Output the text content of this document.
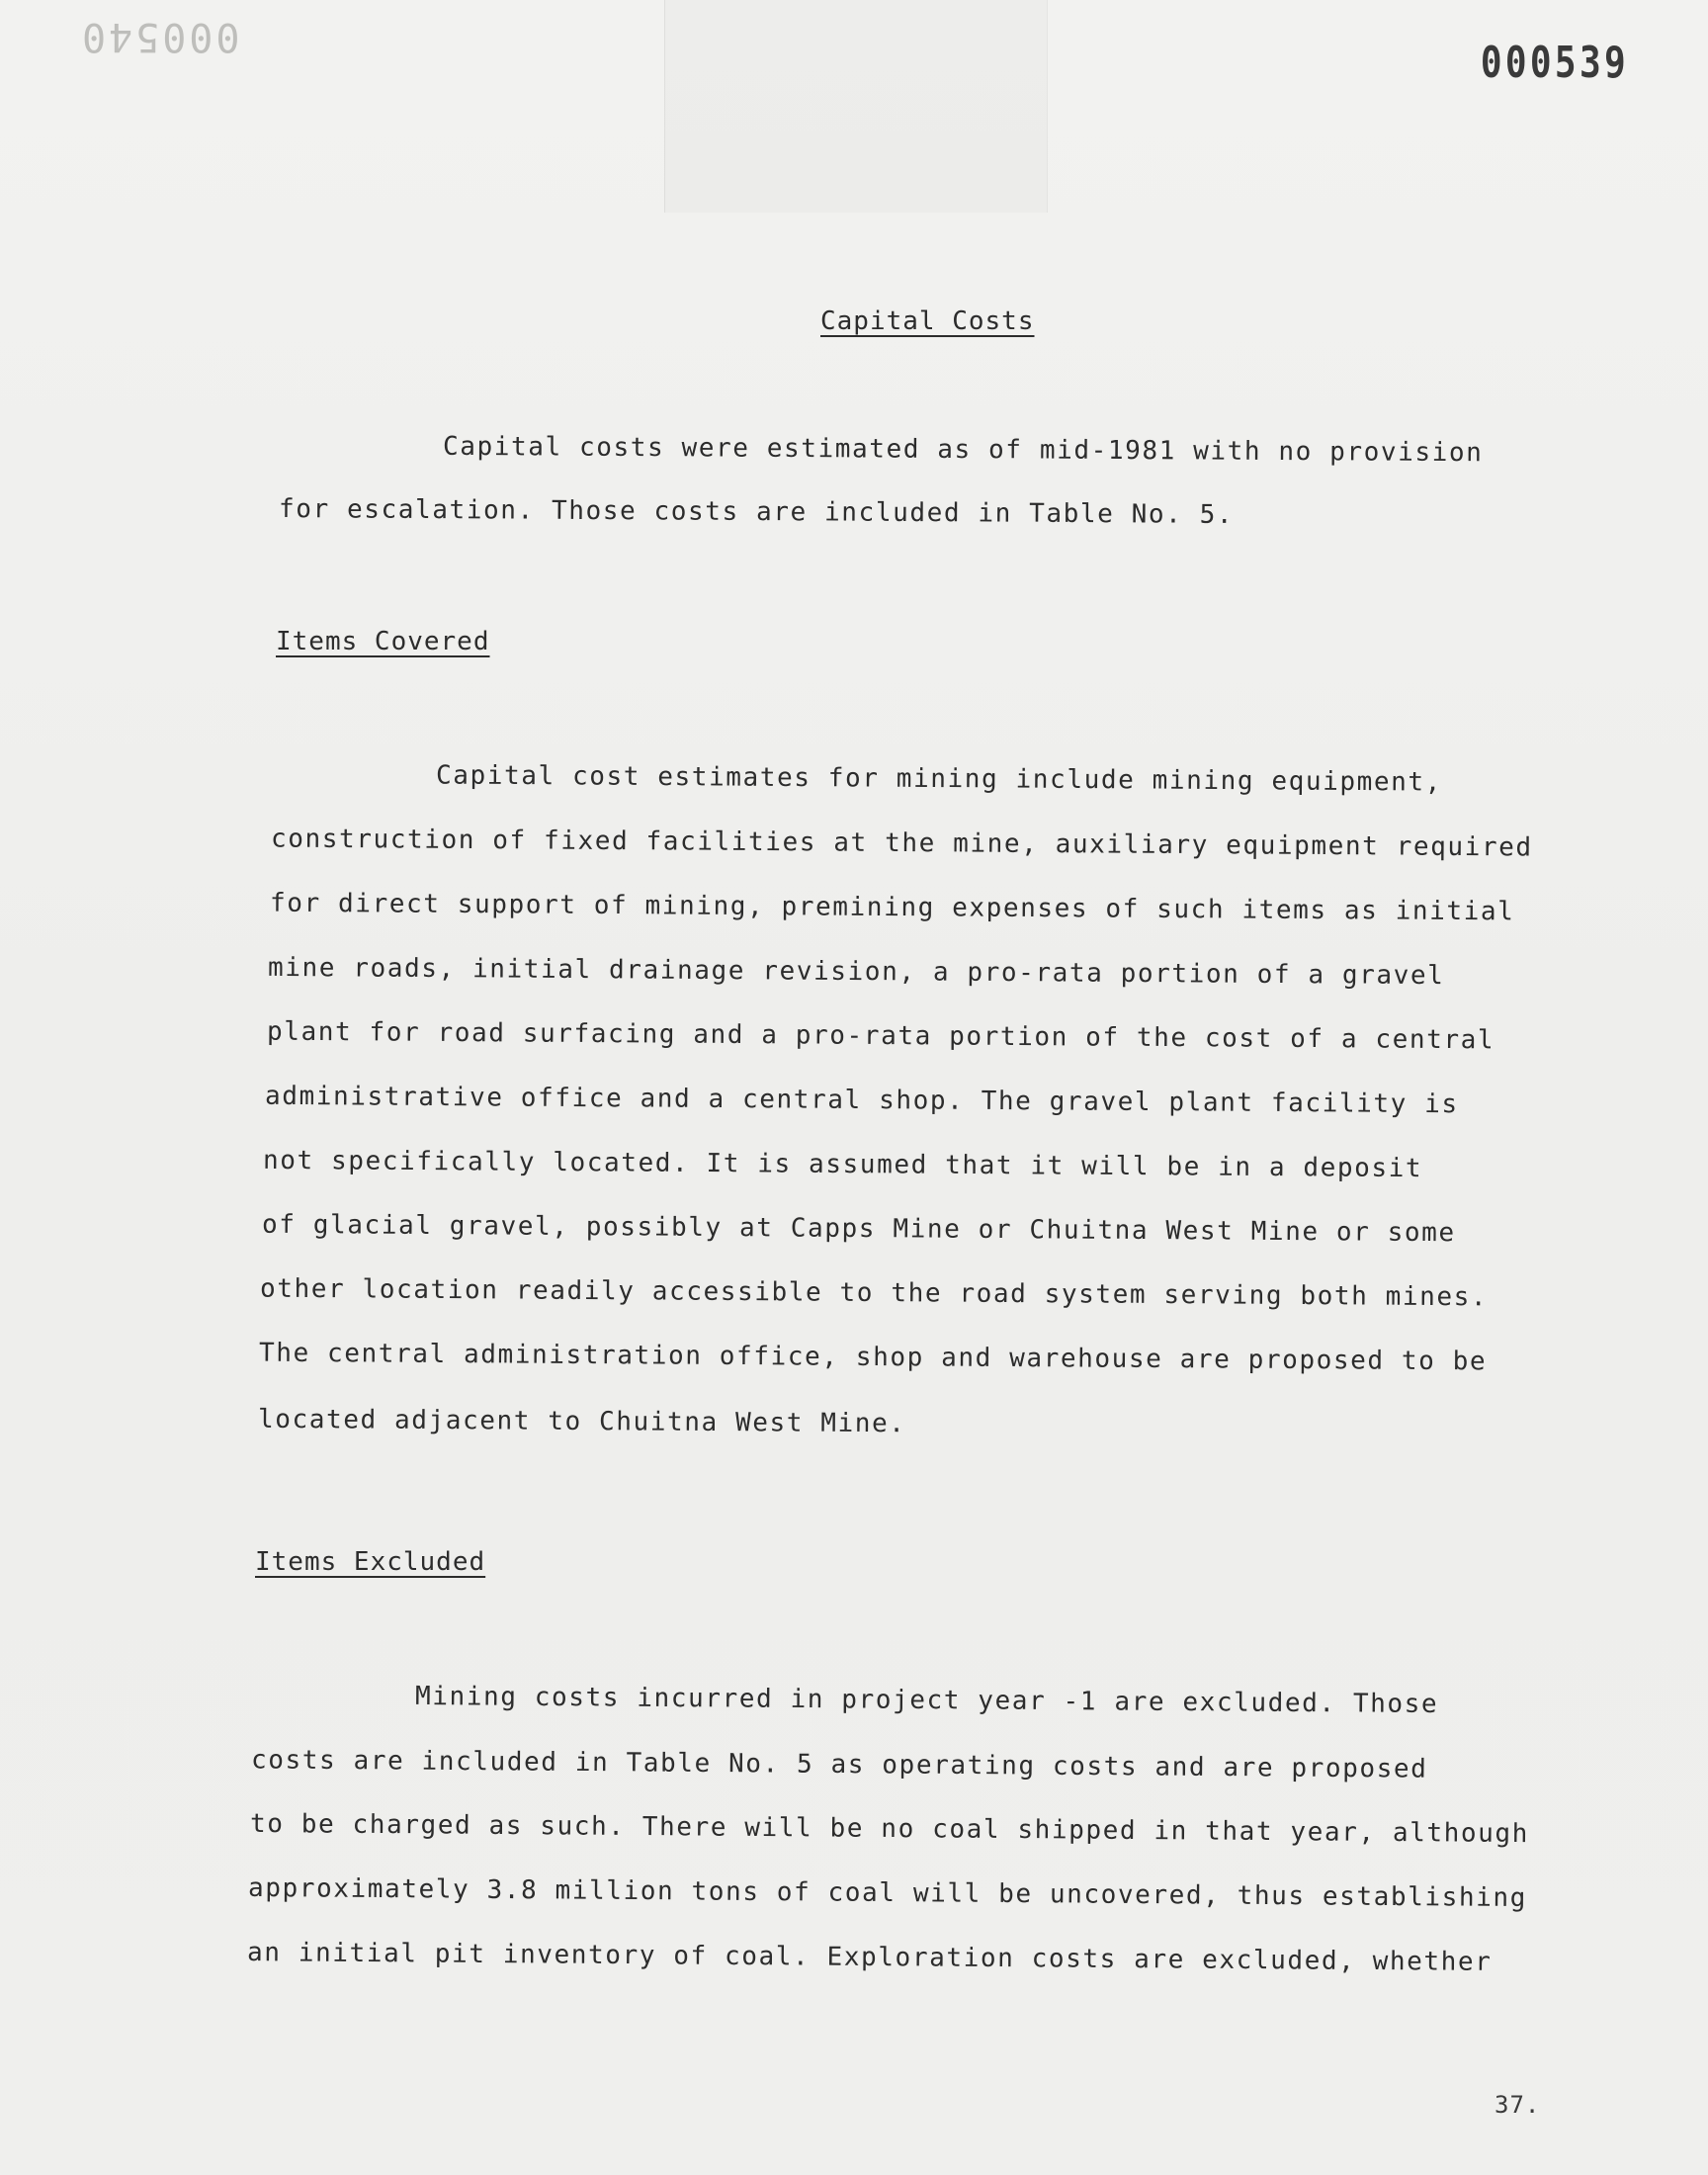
000540
000539
Capital Costs
Capital costs were estimated as of mid-1981 with no provision
for escalation. Those costs are included in Table No. 5.
Items Covered
Capital cost estimates for mining include mining equipment,
construction of fixed facilities at the mine, auxiliary equipment required
for direct support of mining, premining expenses of such items as initial
mine roads, initial drainage revision, a pro-rata portion of a gravel
plant for road surfacing and a pro-rata portion of the cost of a central
administrative office and a central shop. The gravel plant facility is
not specifically located. It is assumed that it will be in a deposit
of glacial gravel, possibly at Capps Mine or Chuitna West Mine or some
other location readily accessible to the road system serving both mines.
The central administration office, shop and warehouse are proposed to be
located adjacent to Chuitna West Mine.
Items Excluded
Mining costs incurred in project year -1 are excluded. Those
costs are included in Table No. 5 as operating costs and are proposed
to be charged as such. There will be no coal shipped in that year, although
approximately 3.8 million tons of coal will be uncovered, thus establishing
an initial pit inventory of coal. Exploration costs are excluded, whether
37.
